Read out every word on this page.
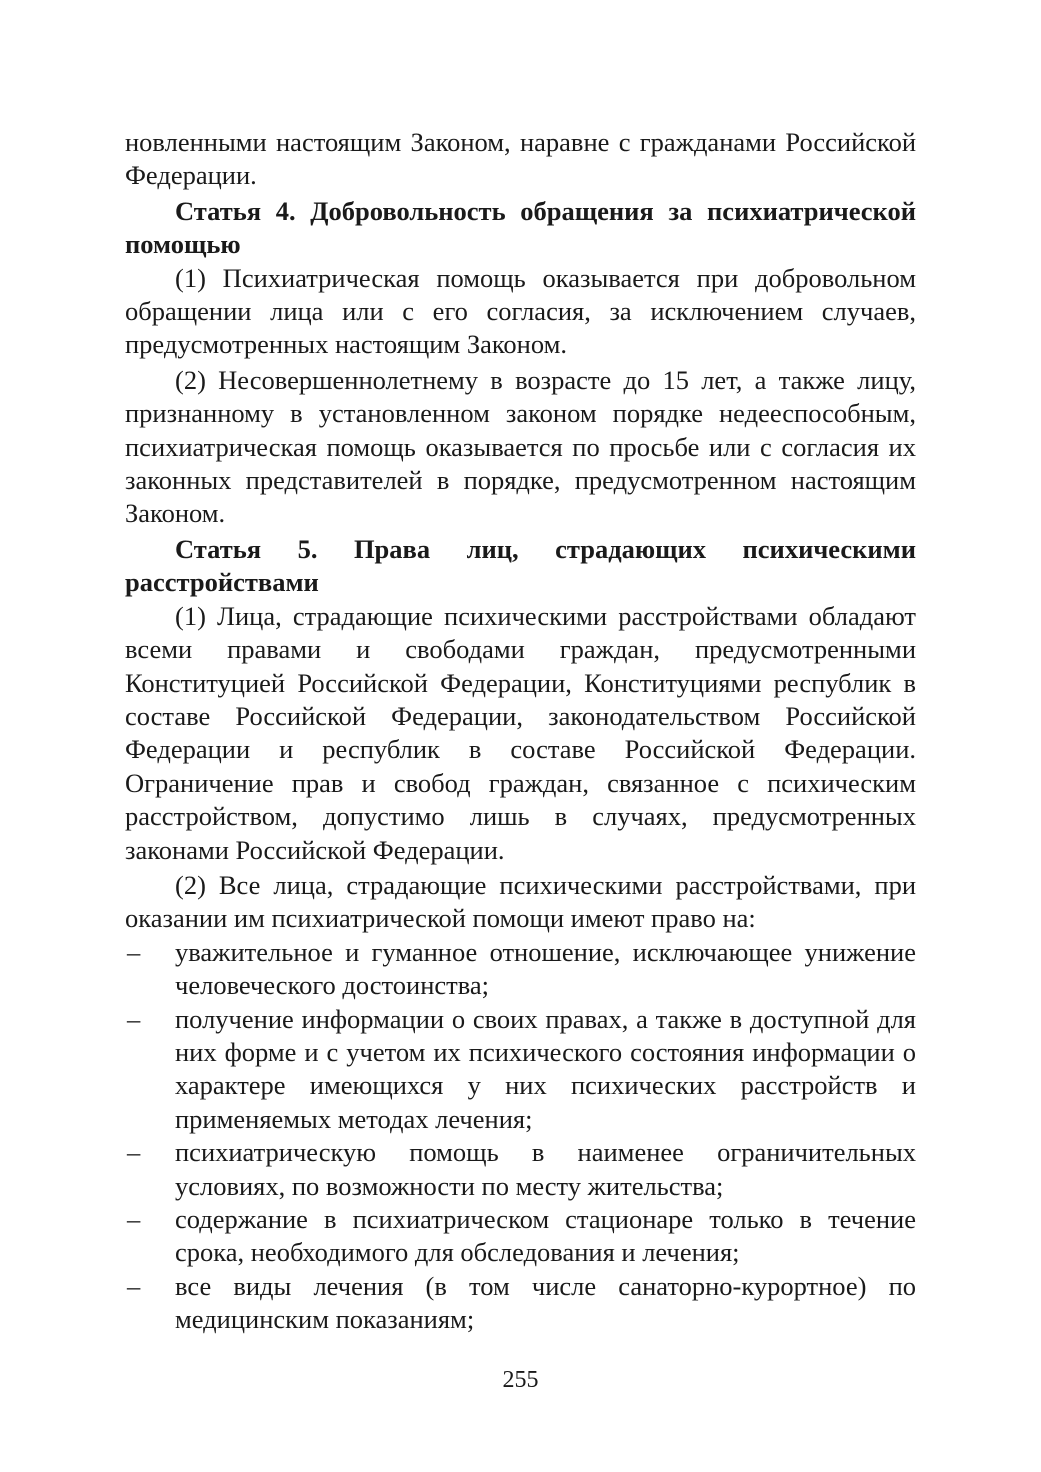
новленными настоящим Законом, наравне с гражданами Российской Федерации.

Статья 4. Добровольность обращения за психиатрической помощью

(1) Психиатрическая помощь оказывается при добровольном обращении лица или с его согласия, за исключением случаев, предусмотренных настоящим Законом.

(2) Несовершеннолетнему в возрасте до 15 лет, а также лицу, признанному в установленном законом порядке недееспособным, психиатрическая помощь оказывается по просьбе или с согласия их законных представителей в порядке, предусмотренном настоящим Законом.

Статья 5. Права лиц, страдающих психическими расстройствами

(1) Лица, страдающие психическими расстройствами обладают всеми правами и свободами граждан, предусмотренными Конституцией Российской Федерации, Конституциями республик в составе Российской Федерации, законодательством Российской Федерации и республик в составе Российской Федерации. Ограничение прав и свобод граждан, связанное с психическим расстройством, допустимо лишь в случаях, предусмотренных законами Российской Федерации.

(2) Все лица, страдающие психическими расстройствами, при оказании им психиатрической помощи имеют право на:

– уважительное и гуманное отношение, исключающее унижение человеческого достоинства;
– получение информации о своих правах, а также в доступной для них форме и с учетом их психического состояния информации о характере имеющихся у них психических расстройств и применяемых методах лечения;
– психиатрическую помощь в наименее ограничительных условиях, по возможности по месту жительства;
– содержание в психиатрическом стационаре только в течение срока, необходимого для обследования и лечения;
– все виды лечения (в том числе санаторно-курортное) по медицинским показаниям;
255
